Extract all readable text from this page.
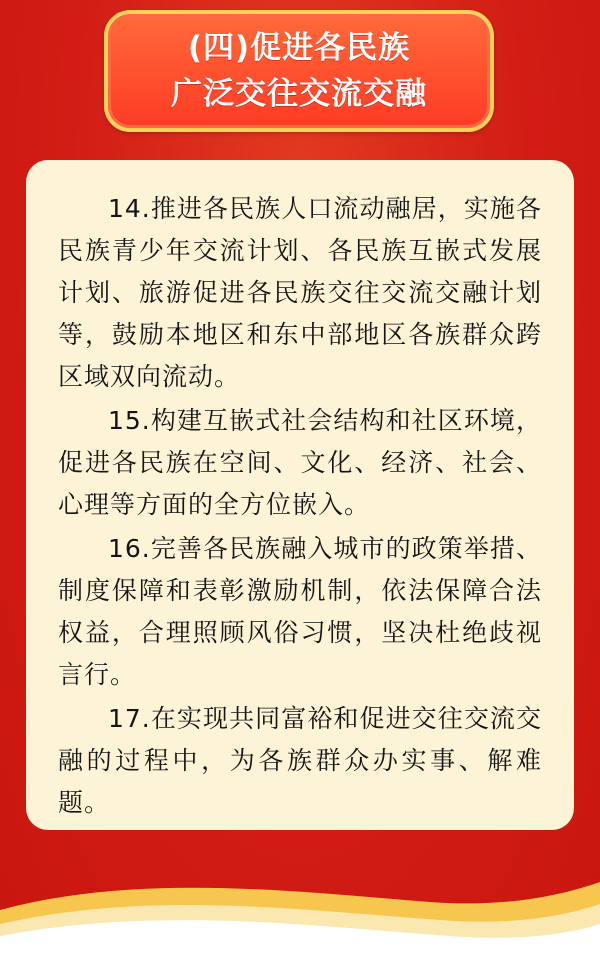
(四)促进各民族
广泛交往交流交融

14.推进各民族人口流动融居，实施各民族青少年交流计划、各民族互嵌式发展计划、旅游促进各民族交往交流交融计划等，鼓励本地区和东中部地区各族群众跨区域双向流动。

15.构建互嵌式社会结构和社区环境，促进各民族在空间、文化、经济、社会、心理等方面的全方位嵌入。

16.完善各民族融入城市的政策举措、制度保障和表彰激励机制，依法保障合法权益，合理照顾风俗习惯，坚决杜绝歧视言行。

17.在实现共同富裕和促进交往交流交融的过程中，为各族群众办实事、解难题。
